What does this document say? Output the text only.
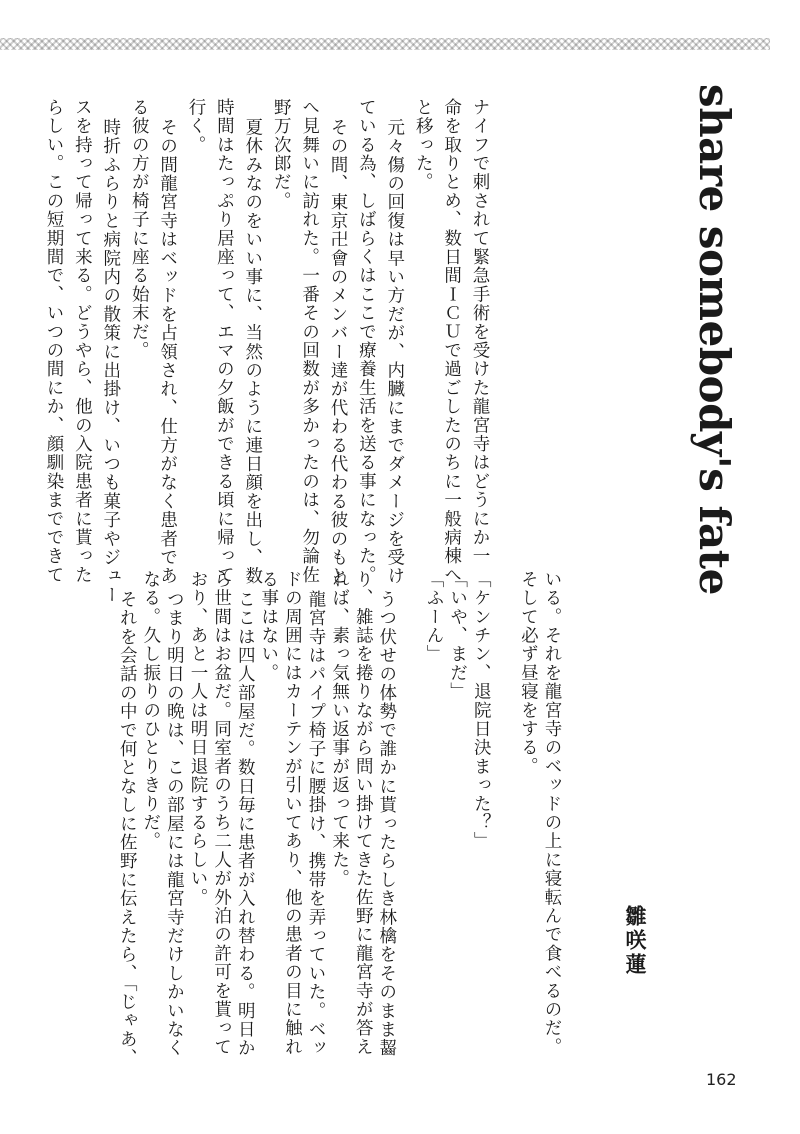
share somebody's fate
ナイフで刺されて緊急手術を受けた龍宮寺はどうにか一
命を取りとめ、数日間ＩＣＵで過ごしたのちに一般病棟へ
と移った。
元々傷の回復は早い方だが、内臓にまでダメージを受け
ている為、しばらくはここで療養生活を送る事になった。
その間、東京卍會のメンバー達が代わる代わる彼のもと
へ見舞いに訪れた。一番その回数が多かったのは、勿論佐
野万次郎だ。
夏休みなのをいい事に、当然のように連日顔を出し、数
時間はたっぷり居座って、エマの夕飯ができる頃に帰って
行く。
その間龍宮寺はベッドを占領され、仕方がなく患者であ
る彼の方が椅子に座る始末だ。
時折ふらりと病院内の散策に出掛け、いつも菓子やジュー
スを持って帰って来る。どうやら、他の入院患者に貰った
らしい。この短期間で、いつの間にか、顔馴染までできて
いる。それを龍宮寺のベッドの上に寝転んで食べるのだ。
そして必ず昼寝をする。
「ケンチン、退院日決まった？」
「いや、まだ」
「ふーん」
うつ伏せの体勢で誰かに貰ったらしき林檎をそのまま齧
り、雑誌を捲りながら問い掛けてきた佐野に龍宮寺が答え
れば、素っ気無い返事が返って来た。
龍宮寺はパイプ椅子に腰掛け、携帯を弄っていた。ベッ
ドの周囲にはカーテンが引いてあり、他の患者の目に触れ
る事はない。
ここは四人部屋だ。数日毎に患者が入れ替わる。明日か
ら世間はお盆だ。同室者のうち二人が外泊の許可を貰って
おり、あと一人は明日退院するらしい。
つまり明日の晩は、この部屋には龍宮寺だけしかいなく
なる。久し振りのひとりきりだ。
それを会話の中で何となしに佐野に伝えたら、「じゃあ、	雛咲蓮
162
